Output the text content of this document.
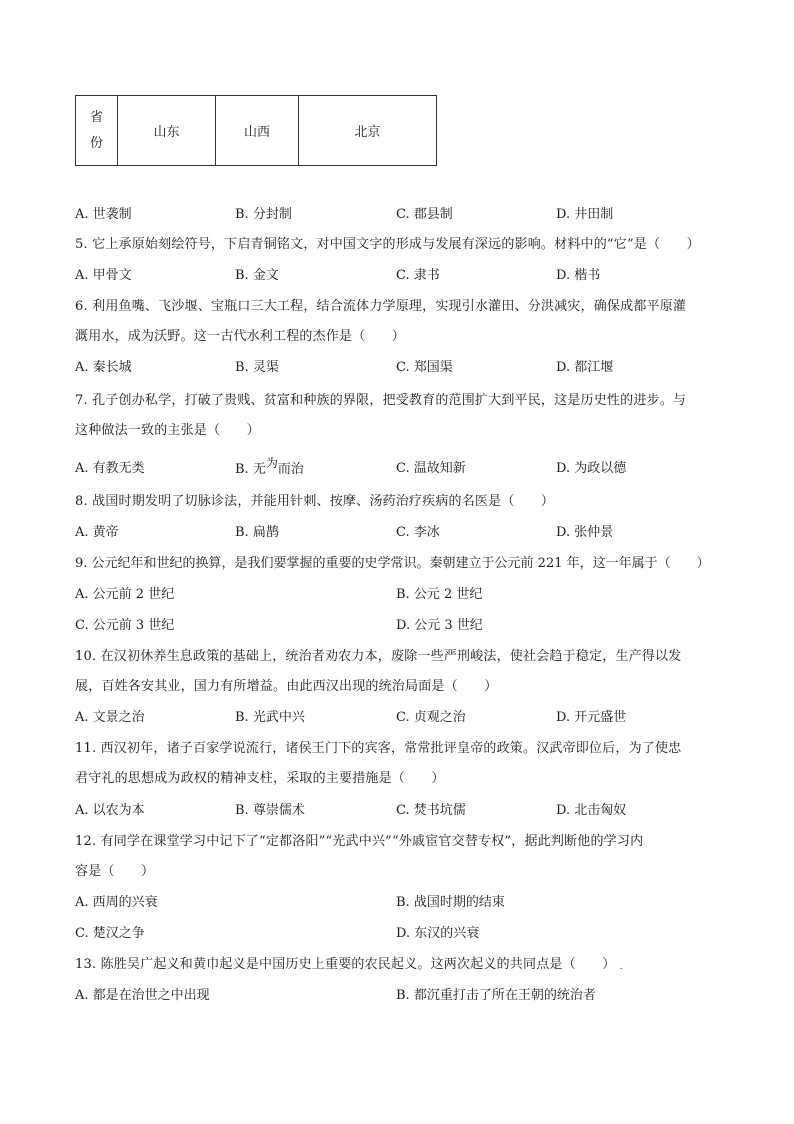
省
份	山东	山西	北京
A. 世袭制	B. 分封制	C. 郡县制	D. 井田制
5. 它上承原始刻绘符号，下启青铜铭文，对中国文字的形成与发展有深远的影响。材料中的“它”是（　　）
A. 甲骨文	B. 金文	C. 隶书	D. 楷书
6. 利用鱼嘴、飞沙堰、宝瓶口三大工程，结合流体力学原理，实现引水灌田、分洪减灾，确保成都平原灌
溉用水，成为沃野。这一古代水利工程的杰作是（　　）
A. 秦长城	B. 灵渠	C. 郑国渠	D. 都江堰
7. 孔子创办私学，打破了贵贱、贫富和种族的界限，把受教育的范围扩大到平民，这是历史性的进步。与
这种做法一致的主张是（　　）
A. 有教无类	B. 无为而治	C. 温故知新	D. 为政以德
8. 战国时期发明了切脉诊法，并能用针刺、按摩、汤药治疗疾病的名医是（　　）
A. 黄帝	B. 扁鹊	C. 李冰	D. 张仲景
9. 公元纪年和世纪的换算，是我们要掌握的重要的史学常识。秦朝建立于公元前 221 年，这一年属于（　　）
A. 公元前 2 世纪	B. 公元 2 世纪
C. 公元前 3 世纪	D. 公元 3 世纪
10. 在汉初休养生息政策的基础上，统治者劝农力本，废除一些严刑峻法，使社会趋于稳定，生产得以发
展，百姓各安其业，国力有所增益。由此西汉出现的统治局面是（　　）
A. 文景之治	B. 光武中兴	C. 贞观之治	D. 开元盛世
11. 西汉初年，诸子百家学说流行，诸侯王门下的宾客，常常批评皇帝的政策。汉武帝即位后，为了使忠
君守礼的思想成为政权的精神支柱，采取的主要措施是（　　）
A. 以农为本	B. 尊崇儒术	C. 焚书坑儒	D. 北击匈奴
12. 有同学在课堂学习中记下了“定都洛阳”“光武中兴”“外戚宦官交替专权”，据此判断他的学习内
容是（　　）
A. 西周的兴衰	B. 战国时期的结束
C. 楚汉之争	D. 东汉的兴衰
13. 陈胜吴广起义和黄巾起义是中国历史上重要的农民起义。这两次起义的共同点是（　　） .
A. 都是在治世之中出现	B. 都沉重打击了所在王朝的统治者
